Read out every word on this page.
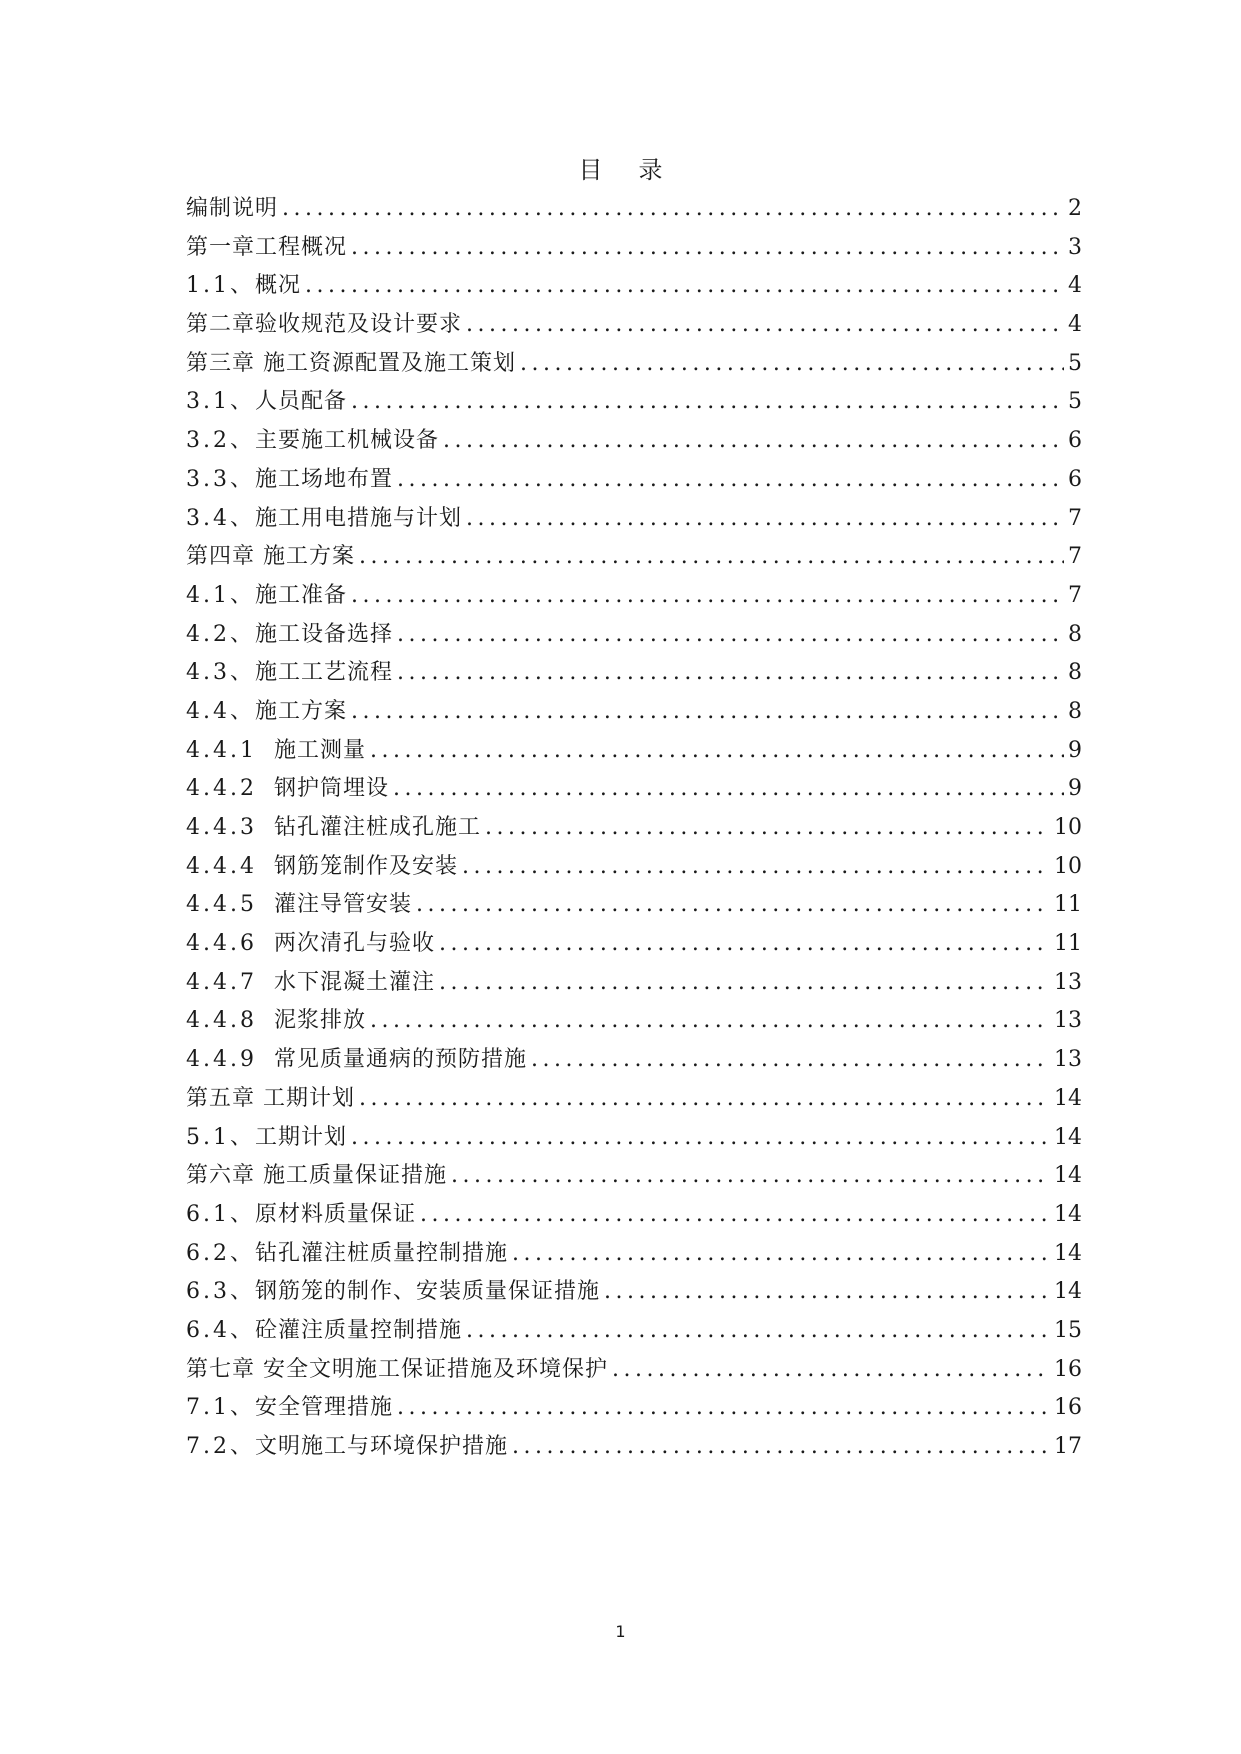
目 录
编制说明 .....	2
第一章工程概况 .....	3
1.1、 概况 .....	4
第二章验收规范及设计要求 .....	4
第三章 施工资源配置及施工策划 .....	5
3.1、 人员配备 .....	5
3.2、 主要施工机械设备 .....	6
3.3、 施工场地布置 .....	6
3.4、 施工用电措施与计划 .....	7
第四章 施工方案 .....	7
4.1、 施工准备 .....	7
4.2、 施工设备选择 .....	8
4.3、 施工工艺流程 .....	8
4.4、 施工方案 .....	8
4.4.1 施工测量 .....	9
4.4.2 钢护筒埋设 .....	9
4.4.3 钻孔灌注桩成孔施工 .....	10
4.4.4 钢筋笼制作及安装 .....	10
4.4.5 灌注导管安装 .....	11
4.4.6 两次清孔与验收 .....	11
4.4.7 水下混凝土灌注 .....	13
4.4.8 泥浆排放 .....	13
4.4.9 常见质量通病的预防措施 .....	13
第五章 工期计划 .....	14
5.1、 工期计划 .....	14
第六章 施工质量保证措施 .....	14
6.1、 原材料质量保证 .....	14
6.2、 钻孔灌注桩质量控制措施 .....	14
6.3、 钢筋笼的制作、安装质量保证措施 .....	14
6.4、 砼灌注质量控制措施 .....	15
第七章 安全文明施工保证措施及环境保护 .....	16
7.1、 安全管理措施 .....	16
7.2、 文明施工与环境保护措施 .....	17
1
